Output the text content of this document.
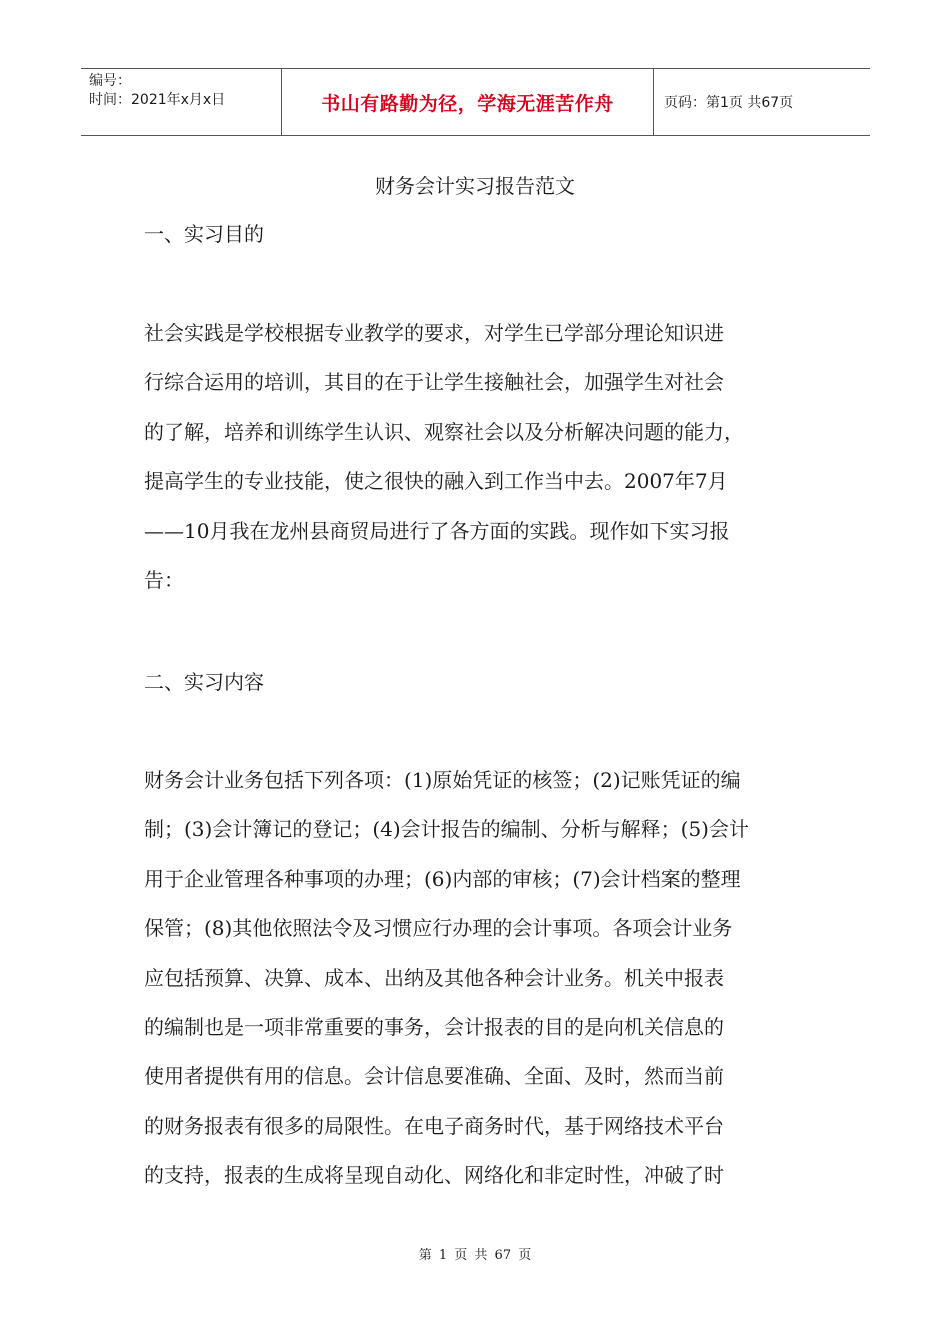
编号：
时间：2021年x月x日	书山有路勤为径，学海无涯苦作舟	页码：第1页 共67页
财务会计实习报告范文
一、实习目的
社会实践是学校根据专业教学的要求，对学生已学部分理论知识进
行综合运用的培训，其目的在于让学生接触社会，加强学生对社会
的了解，培养和训练学生认识、观察社会以及分析解决问题的能力，
提高学生的专业技能，使之很快的融入到工作当中去。2007年7月
——10月我在龙州县商贸局进行了各方面的实践。现作如下实习报
告：
二、实习内容
财务会计业务包括下列各项：(1)原始凭证的核签；(2)记账凭证的编
制；(3)会计簿记的登记；(4)会计报告的编制、分析与解释；(5)会计
用于企业管理各种事项的办理；(6)内部的审核；(7)会计档案的整理
保管；(8)其他依照法令及习惯应行办理的会计事项。各项会计业务
应包括预算、决算、成本、出纳及其他各种会计业务。机关中报表
的编制也是一项非常重要的事务，会计报表的目的是向机关信息的
使用者提供有用的信息。会计信息要准确、全面、及时，然而当前
的财务报表有很多的局限性。在电子商务时代，基于网络技术平台
的支持，报表的生成将呈现自动化、网络化和非定时性，冲破了时
第 1 页 共 67 页
